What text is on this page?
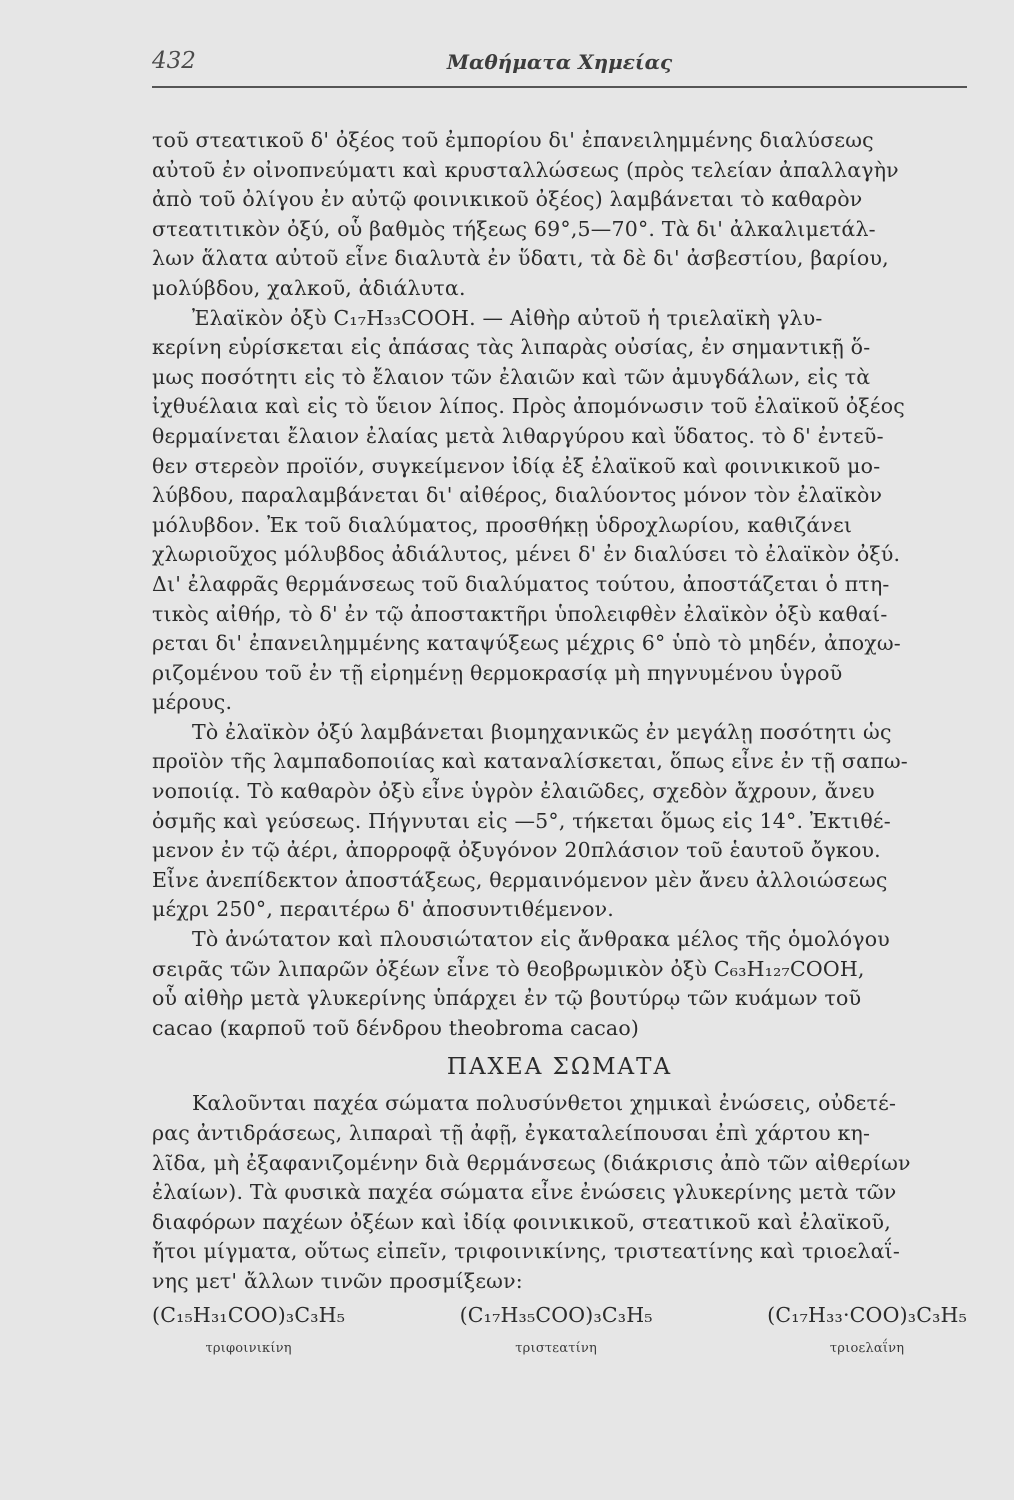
432	Μαθήματα Χημείας
τοῦ στεατικοῦ δ' ὀξέος τοῦ ἐμπορίου δι' ἐπανειλημμένης διαλύσεως
αὐτοῦ ἐν οἰνοπνεύματι καὶ κρυσταλλώσεως (πρὸς τελείαν ἀπαλλαγὴν
ἀπὸ τοῦ ὀλίγου ἐν αὐτῷ φοινικικοῦ ὀξέος) λαμβάνεται τὸ καθαρὸν
στεατιτικὸν ὀξύ, οὗ βαθμὸς τήξεως 69°,5—70°. Τὰ δι' ἀλκαλιμετάλ-
λων ἅλατα αὐτοῦ εἶνε διαλυτὰ ἐν ὕδατι, τὰ δὲ δι' ἀσβεστίου, βαρίου,
μολύβδου, χαλκοῦ, ἀδιάλυτα.
Ἐλαϊκὸν ὀξὺ C₁₇H₃₃COOH. — Αἰθὴρ αὐτοῦ ἡ τριελαϊκὴ γλυ-
κερίνη εὑρίσκεται εἰς ἁπάσας τὰς λιπαρὰς οὐσίας, ἐν σημαντικῇ ὅ-
μως ποσότητι εἰς τὸ ἔλαιον τῶν ἐλαιῶν καὶ τῶν ἀμυγδάλων, εἰς τὰ
ἰχθυέλαια καὶ εἰς τὸ ὕειον λίπος. Πρὸς ἀπομόνωσιν τοῦ ἐλαϊκοῦ ὀξέος
θερμαίνεται ἔλαιον ἐλαίας μετὰ λιθαργύρου καὶ ὕδατος. τὸ δ' ἐντεῦ-
θεν στερεὸν προϊόν, συγκείμενον ἰδίᾳ ἐξ ἐλαϊκοῦ καὶ φοινικικοῦ μο-
λύβδου, παραλαμβάνεται δι' αἰθέρος, διαλύοντος μόνον τὸν ἐλαϊκὸν
μόλυβδον. Ἐκ τοῦ διαλύματος, προσθήκῃ ὑδροχλωρίου, καθιζάνει
χλωριοῦχος μόλυβδος ἀδιάλυτος, μένει δ' ἐν διαλύσει τὸ ἐλαϊκὸν ὀξύ.
Δι' ἐλαφρᾶς θερμάνσεως τοῦ διαλύματος τούτου, ἀποστάζεται ὁ πτη-
τικὸς αἰθήρ, τὸ δ' ἐν τῷ ἀποστακτῆρι ὑπολειφθὲν ἐλαϊκὸν ὀξὺ καθαί-
ρεται δι' ἐπανειλημμένης καταψύξεως μέχρις 6° ὑπὸ τὸ μηδέν, ἀποχω-
ριζομένου τοῦ ἐν τῇ εἰρημένῃ θερμοκρασίᾳ μὴ πηγνυμένου ὑγροῦ
μέρους.
Τὸ ἐλαϊκὸν ὀξύ λαμβάνεται βιομηχανικῶς ἐν μεγάλῃ ποσότητι ὡς
προϊὸν τῆς λαμπαδοποιίας καὶ καταναλίσκεται, ὅπως εἶνε ἐν τῇ σαπω-
νοποιίᾳ. Τὸ καθαρὸν ὀξὺ εἶνε ὑγρὸν ἐλαιῶδες, σχεδὸν ἄχρουν, ἄνευ
ὀσμῆς καὶ γεύσεως. Πήγνυται εἰς —5°, τήκεται ὅμως εἰς 14°. Ἐκτιθέ-
μενον ἐν τῷ ἀέρι, ἀπορροφᾷ ὀξυγόνον 20πλάσιον τοῦ ἑαυτοῦ ὄγκου.
Εἶνε ἀνεπίδεκτον ἀποστάξεως, θερμαινόμενον μὲν ἄνευ ἀλλοιώσεως
μέχρι 250°, περαιτέρω δ' ἀποσυντιθέμενον.
Τὸ ἀνώτατον καὶ πλουσιώτατον εἰς ἄνθρακα μέλος τῆς ὁμολόγου
σειρᾶς τῶν λιπαρῶν ὀξέων εἶνε τὸ θεοβρωμικὸν ὀξὺ C₆₃H₁₂₇COOH,
οὗ αἰθὴρ μετὰ γλυκερίνης ὑπάρχει ἐν τῷ βουτύρῳ τῶν κυάμων τοῦ
cacao (καρποῦ τοῦ δένδρου theobroma cacao)
ΠΑΧΕΑ ΣΩΜΑΤΑ
Καλοῦνται παχέα σώματα πολυσύνθετοι χημικαὶ ἐνώσεις, οὐδετέ-
ρας ἀντιδράσεως, λιπαραὶ τῇ ἀφῇ, ἐγκαταλείπουσαι ἐπὶ χάρτου κη-
λῖδα, μὴ ἐξαφανιζομένην διὰ θερμάνσεως (διάκρισις ἀπὸ τῶν αἰθερίων
ἐλαίων). Τὰ φυσικὰ παχέα σώματα εἶνε ἐνώσεις γλυκερίνης μετὰ τῶν
διαφόρων παχέων ὀξέων καὶ ἰδίᾳ φοινικικοῦ, στεατικοῦ καὶ ἐλαϊκοῦ,
ἤτοι μίγματα, οὕτως εἰπεῖν, τριφοινικίνης, τριστεατίνης καὶ τριοελαΐ-
νης μετ' ἄλλων τινῶν προσμίξεων:
(C₁₅H₃₁COO)₃C₃H₅
τριφοινικίνη
(C₁₇H₃₅COO)₃C₃H₅
τριστεατίνη
(C₁₇H₃₃·COO)₃C₃H₅
τριοελαΐνη
